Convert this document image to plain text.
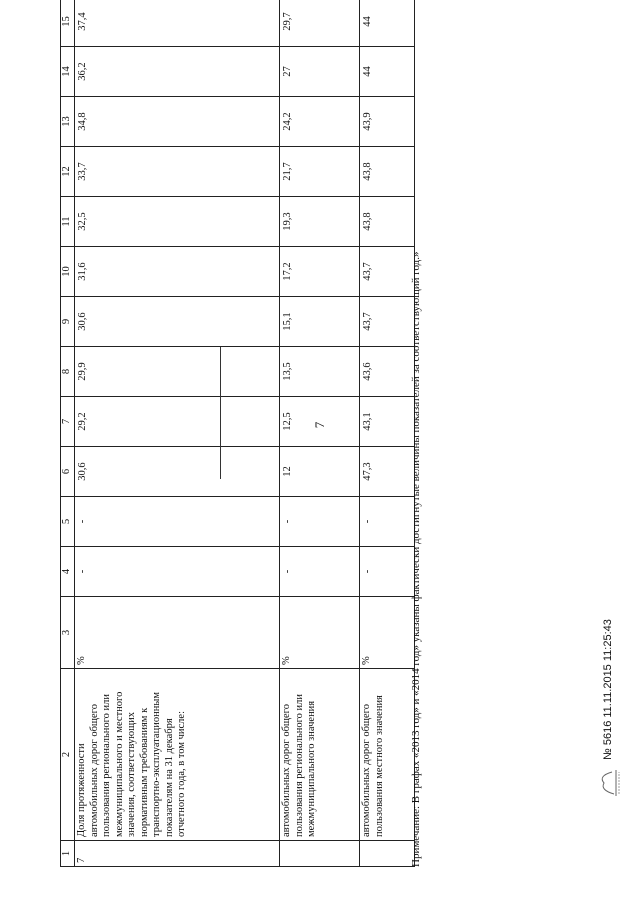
7
1	2	3	4	5	6	7	8	9	10	11	12	13	14	15
7	Доля протяженности автомобильных дорог общего пользования регионального или межмуниципального и местного значения, соответствующих нормативным требованиям к транспортно-эксплуатационным показателям на 31 декабря отчетного года, в том числе:	%	-	-	30,6	29,2	29,9	30,6	31,6	32,5	33,7	34,8	36,2	37,4
	автомобильных дорог общего пользования регионального или межмуниципального значения	%	-	-	12	12,5	13,5	15,1	17,2	19,3	21,7	24,2	27	29,7
	автомобильных дорог общего пользования местного значения	%	-	-	47,3	43,1	43,6	43,7	43,7	43,8	43,8	43,9	44	44
Примечание: В графах «2013 год» и «2014 год» указаны фактически достигнутые величины показателей за соответствующий год.»	№ 5616 11.11.2015 11:25:43
